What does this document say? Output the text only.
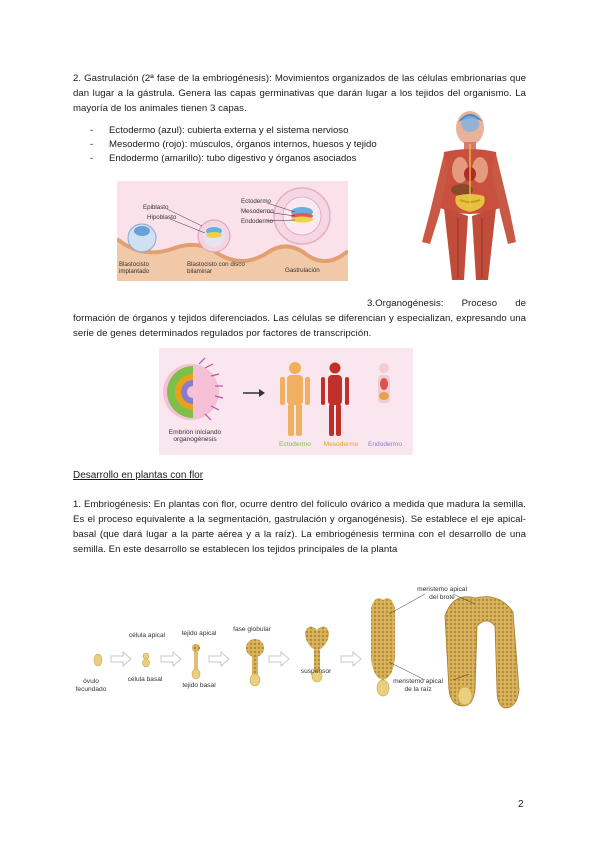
2. Gastrulación (2ª fase de la embriogénesis): Movimientos organizados de las células embrionarias que dan lugar a la gástrula. Genera las capas germinativas que darán lugar a los tejidos del organismo. La mayoría de los animales tienen 3 capas.
- Ectodermo (azul): cubierta externa y el sistema nervioso
- Mesodermo (rojo): músculos, órganos internos, huesos y tejido
- Endodermo (amarillo): tubo digestivo y órganos asociados
Epiblasto
Hipoblasto
Ectodermo
Mesodermo
Endodermo
Blastocisto implantado
Blastocisto con disco bilaminar	Gastrulación
3.Organogénesis: Proceso de
formación de órganos y tejidos diferenciados. Las células se diferencian y especializan, expresando una serie de genes determinados regulados por factores de transcripción.
Embrión iniciando organogénesis
Ectodermo	Mesodermo	Endodermo
Desarrollo en plantas con flor
1. Embriogénesis: En plantas con flor, ocurre dentro del folículo ovárico a medida que madura la semilla. Es el proceso equivalente a la segmentación, gastrulación y organogénesis). Se establece el eje apical-basal (que dará lugar a la parte aérea y a la raíz). La embriogénesis termina con el desarrollo de una semilla. En este desarrollo se establecen los tejidos principales de la planta
óvulo fecundado
célula apical
célula basal
tejido apical
tejido basal
fase globular
suspensor
meristemo apical del brote
meristemo apical de la raíz
2
